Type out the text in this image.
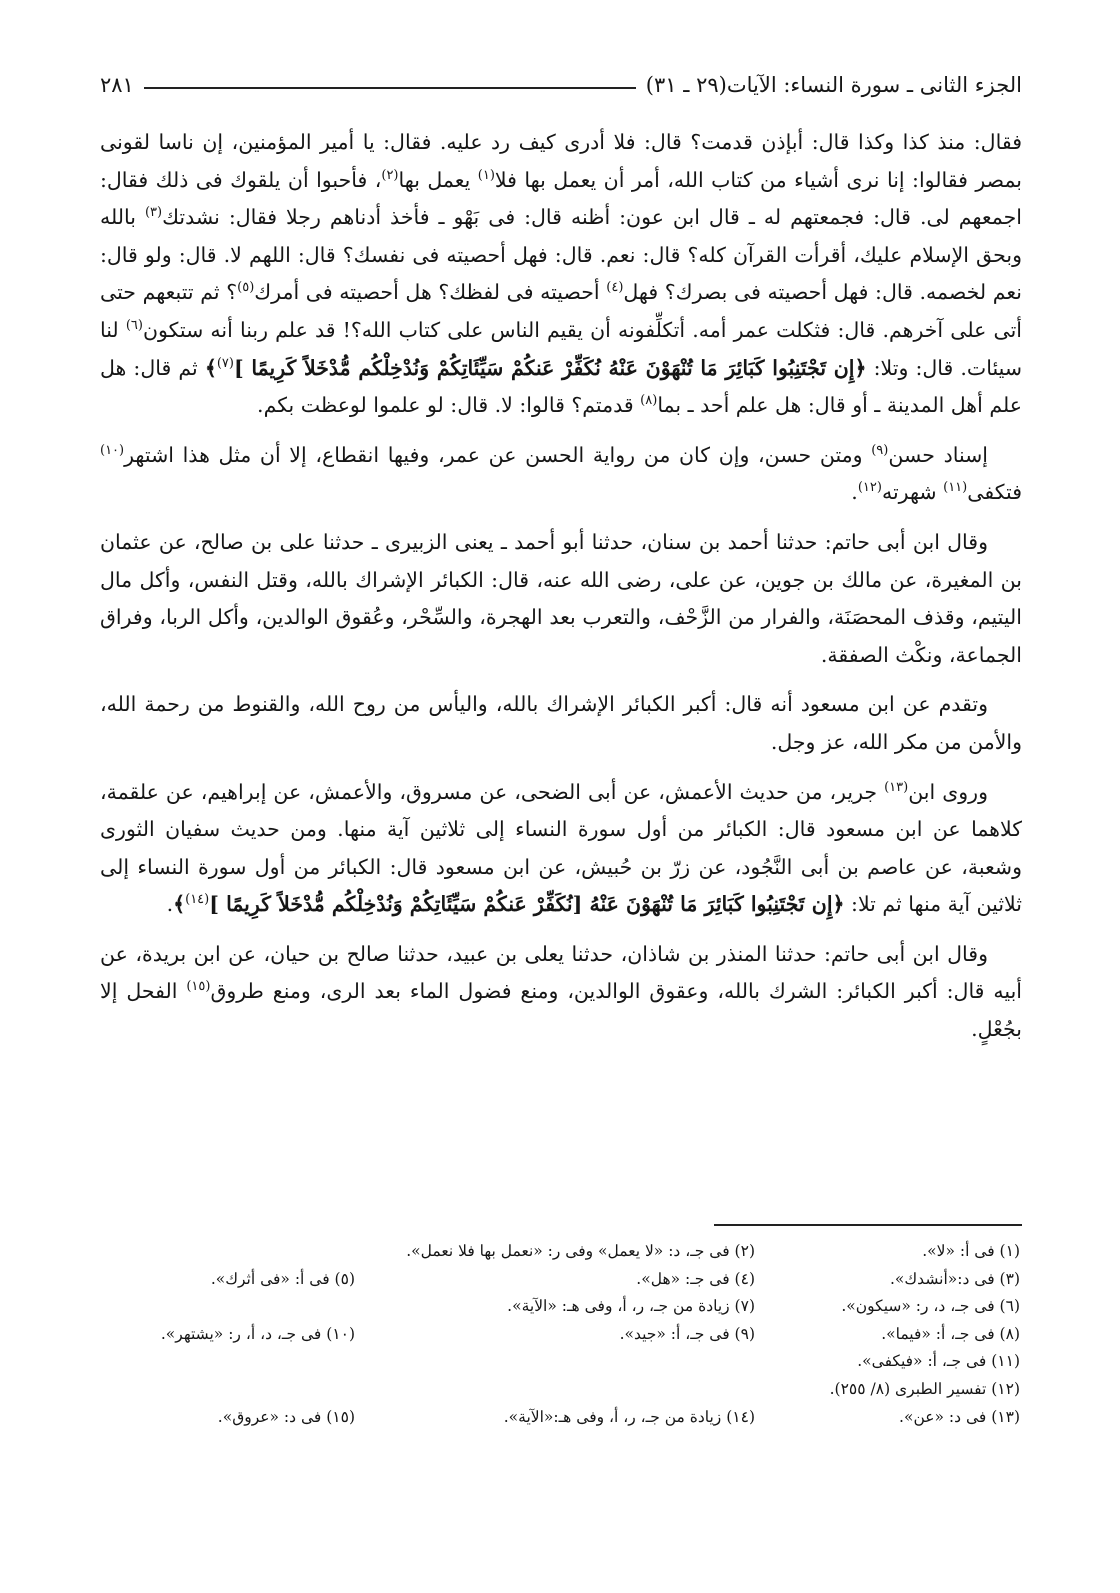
الجزء الثانى ـ سورة النساء: الآيات(٢٩ ـ ٣١)
٢٨١

فقال: منذ كذا وكذا قال: أبإذن قدمت؟ قال: فلا أدرى كيف رد عليه. فقال: يا أمير المؤمنين، إن ناسا لقونى بمصر فقالوا: إنا نرى أشياء من كتاب الله، أمر أن يعمل بها فلا$^{(١)}$ يعمل بها$^{(٢)}$، فأحبوا أن يلقوك فى ذلك فقال: اجمعهم لى. قال: فجمعتهم له ـ قال ابن عون: أظنه قال: فى بَهْو ـ فأخذ أدناهم رجلا فقال: نشدتك$^{(٣)}$ بالله وبحق الإسلام عليك، أقرأت القرآن كله؟ قال: نعم. قال: فهل أحصيته فى نفسك؟ قال: اللهم لا. قال: ولو قال: نعم لخصمه. قال: فهل أحصيته فى بصرك؟ فهل$^{(٤)}$ أحصيته فى لفظك؟ هل أحصيته فى أمرك$^{(٥)}$؟ ثم تتبعهم حتى أتى على آخرهم. قال: فثكلت عمر أمه. أتكلِّفونه أن يقيم الناس على كتاب الله؟! قد علم ربنا أنه ستكون$^{(٦)}$ لنا سيئات. قال: وتلا: ﴿إِن تَجْتَنِبُوا كَبَائِرَ مَا تُنْهَوْنَ عَنْهُ نُكَفِّرْ عَنكُمْ سَيِّئَاتِكُمْ وَنُدْخِلْكُم مُّدْخَلاً كَرِيمًا ]$^{(٧)}$﴾ ثم قال: هل علم أهل المدينة ـ أو قال: هل علم أحد ـ بما$^{(٨)}$ قدمتم؟ قالوا: لا. قال: لو علموا لوعظت بكم.

إسناد حسن$^{(٩)}$ ومتن حسن، وإن كان من رواية الحسن عن عمر، وفيها انقطاع، إلا أن مثل هذا اشتهر$^{(١٠)}$ فتكفى$^{(١١)}$ شهرته$^{(١٢)}$.

وقال ابن أبى حاتم: حدثنا أحمد بن سنان، حدثنا أبو أحمد ـ يعنى الزبيرى ـ حدثنا على بن صالح، عن عثمان بن المغيرة، عن مالك بن جوين، عن على، رضى الله عنه، قال: الكبائر الإشراك بالله، وقتل النفس، وأكل مال اليتيم، وقذف المحصَنَة، والفرار من الزَّحْف، والتعرب بعد الهجرة، والسِّحْر، وعُقوق الوالدين، وأكل الربا، وفراق الجماعة، ونكْث الصفقة.

وتقدم عن ابن مسعود أنه قال: أكبر الكبائر الإشراك بالله، واليأس من روح الله، والقنوط من رحمة الله، والأمن من مكر الله، عز وجل.

وروى ابن$^{(١٣)}$ جرير، من حديث الأعمش، عن أبى الضحى، عن مسروق، والأعمش، عن إبراهيم، عن علقمة، كلاهما عن ابن مسعود قال: الكبائر من أول سورة النساء إلى ثلاثين آية منها. ومن حديث سفيان الثورى وشعبة، عن عاصم بن أبى النَّجُود، عن زرّ بن حُبيش، عن ابن مسعود قال: الكبائر من أول سورة النساء إلى ثلاثين آية منها ثم تلا: ﴿إِن تَجْتَنِبُوا كَبَائِرَ مَا تُنْهَوْنَ عَنْهُ [نُكَفِّرْ عَنكُمْ سَيِّئَاتِكُمْ وَنُدْخِلْكُم مُّدْخَلاً كَرِيمًا ]$^{(١٤)}$﴾.

وقال ابن أبى حاتم: حدثنا المنذر بن شاذان، حدثنا يعلى بن عبيد، حدثنا صالح بن حيان، عن ابن بريدة، عن أبيه قال: أكبر الكبائر: الشرك بالله، وعقوق الوالدين، ومنع فضول الماء بعد الرى، ومنع طروق$^{(١٥)}$ الفحل إلا بجُعْلٍ.

(١) فى أ: «لا».
(٢) فى جـ، د: «لا يعمل» وفى ر: «نعمل بها فلا نعمل».
(٣) فى د:«أنشدك».
(٤) فى جـ: «هل».
(٥) فى أ: «فى أثرك».
(٦) فى جـ، د، ر: «سيكون».
(٧) زيادة من جـ، ر، أ، وفى هـ: «الآية».
(٨) فى جـ، أ: «فيما».
(٩) فى جـ، أ: «جيد».
(١٠) فى جـ، د، أ، ر: «يشتهر».
(١١) فى جـ، أ: «فيكفى».
(١٢) تفسير الطبرى (٨/ ٢٥٥).
(١٣) فى د: «عن».
(١٤) زيادة من جـ، ر، أ، وفى هـ:«الآية».
(١٥) فى د: «عروق».
